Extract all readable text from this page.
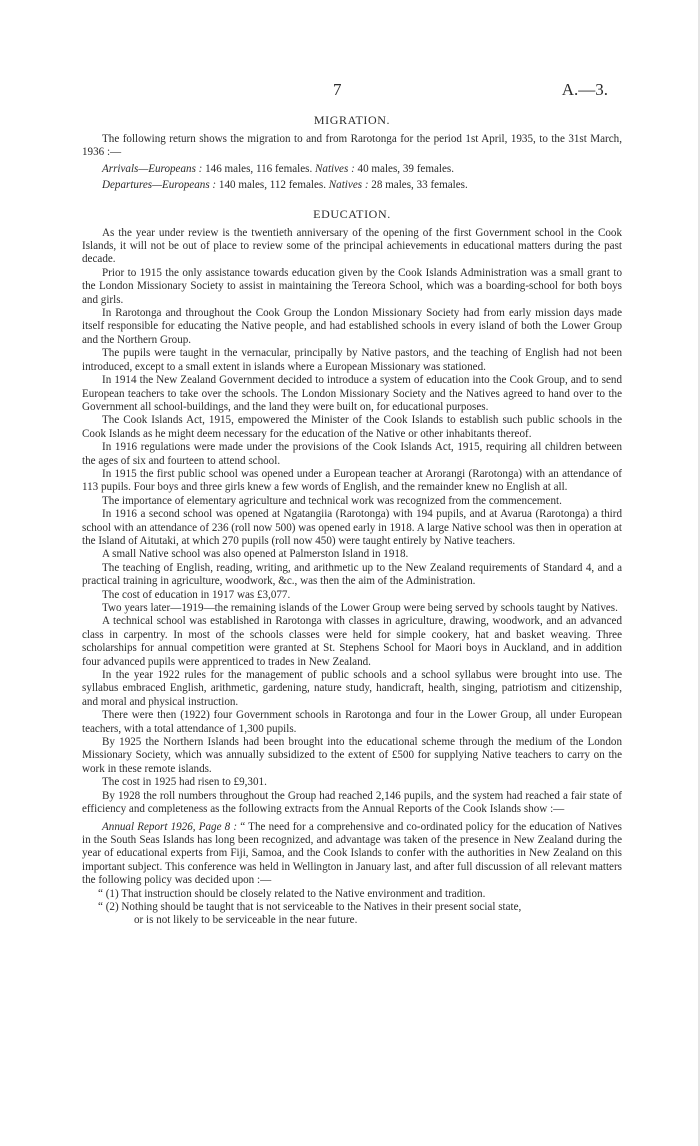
7	A.—3.
MIGRATION.

The following return shows the migration to and from Rarotonga for the period 1st April, 1935, to the 31st March, 1936 :—

Arrivals—Europeans : 146 males, 116 females. Natives : 40 males, 39 females.

Departures—Europeans : 140 males, 112 females. Natives : 28 males, 33 females.

EDUCATION.

As the year under review is the twentieth anniversary of the opening of the first Government school in the Cook Islands, it will not be out of place to review some of the principal achievements in educational matters during the past decade.

Prior to 1915 the only assistance towards education given by the Cook Islands Administration was a small grant to the London Missionary Society to assist in maintaining the Tereora School, which was a boarding-school for both boys and girls.

In Rarotonga and throughout the Cook Group the London Missionary Society had from early mission days made itself responsible for educating the Native people, and had established schools in every island of both the Lower Group and the Northern Group.

The pupils were taught in the vernacular, principally by Native pastors, and the teaching of English had not been introduced, except to a small extent in islands where a European Missionary was stationed.

In 1914 the New Zealand Government decided to introduce a system of education into the Cook Group, and to send European teachers to take over the schools. The London Missionary Society and the Natives agreed to hand over to the Government all school-buildings, and the land they were built on, for educational purposes.

The Cook Islands Act, 1915, empowered the Minister of the Cook Islands to establish such public schools in the Cook Islands as he might deem necessary for the education of the Native or other inhabitants thereof.

In 1916 regulations were made under the provisions of the Cook Islands Act, 1915, requiring all children between the ages of six and fourteen to attend school.

In 1915 the first public school was opened under a European teacher at Arorangi (Rarotonga) with an attendance of 113 pupils. Four boys and three girls knew a few words of English, and the remainder knew no English at all.

The importance of elementary agriculture and technical work was recognized from the commencement.

In 1916 a second school was opened at Ngatangiia (Rarotonga) with 194 pupils, and at Avarua (Rarotonga) a third school with an attendance of 236 (roll now 500) was opened early in 1918. A large Native school was then in operation at the Island of Aitutaki, at which 270 pupils (roll now 450) were taught entirely by Native teachers.

A small Native school was also opened at Palmerston Island in 1918.

The teaching of English, reading, writing, and arithmetic up to the New Zealand requirements of Standard 4, and a practical training in agriculture, woodwork, &c., was then the aim of the Administration.

The cost of education in 1917 was £3,077.

Two years later—1919—the remaining islands of the Lower Group were being served by schools taught by Natives.

A technical school was established in Rarotonga with classes in agriculture, drawing, woodwork, and an advanced class in carpentry. In most of the schools classes were held for simple cookery, hat and basket weaving. Three scholarships for annual competition were granted at St. Stephens School for Maori boys in Auckland, and in addition four advanced pupils were apprenticed to trades in New Zealand.

In the year 1922 rules for the management of public schools and a school syllabus were brought into use. The syllabus embraced English, arithmetic, gardening, nature study, handicraft, health, singing, patriotism and citizenship, and moral and physical instruction.

There were then (1922) four Government schools in Rarotonga and four in the Lower Group, all under European teachers, with a total attendance of 1,300 pupils.

By 1925 the Northern Islands had been brought into the educational scheme through the medium of the London Missionary Society, which was annually subsidized to the extent of £500 for supplying Native teachers to carry on the work in these remote islands.

The cost in 1925 had risen to £9,301.

By 1928 the roll numbers throughout the Group had reached 2,146 pupils, and the system had reached a fair state of efficiency and completeness as the following extracts from the Annual Reports of the Cook Islands show :—

Annual Report 1926, Page 8 : “ The need for a comprehensive and co-ordinated policy for the education of Natives in the South Seas Islands has long been recognized, and advantage was taken of the presence in New Zealand during the year of educational experts from Fiji, Samoa, and the Cook Islands to confer with the authorities in New Zealand on this important subject. This conference was held in Wellington in January last, and after full discussion of all relevant matters the following policy was decided upon :—

“ (1) That instruction should be closely related to the Native environment and tradition.

“ (2) Nothing should be taught that is not serviceable to the Natives in their present social state,

or is not likely to be serviceable in the near future.
